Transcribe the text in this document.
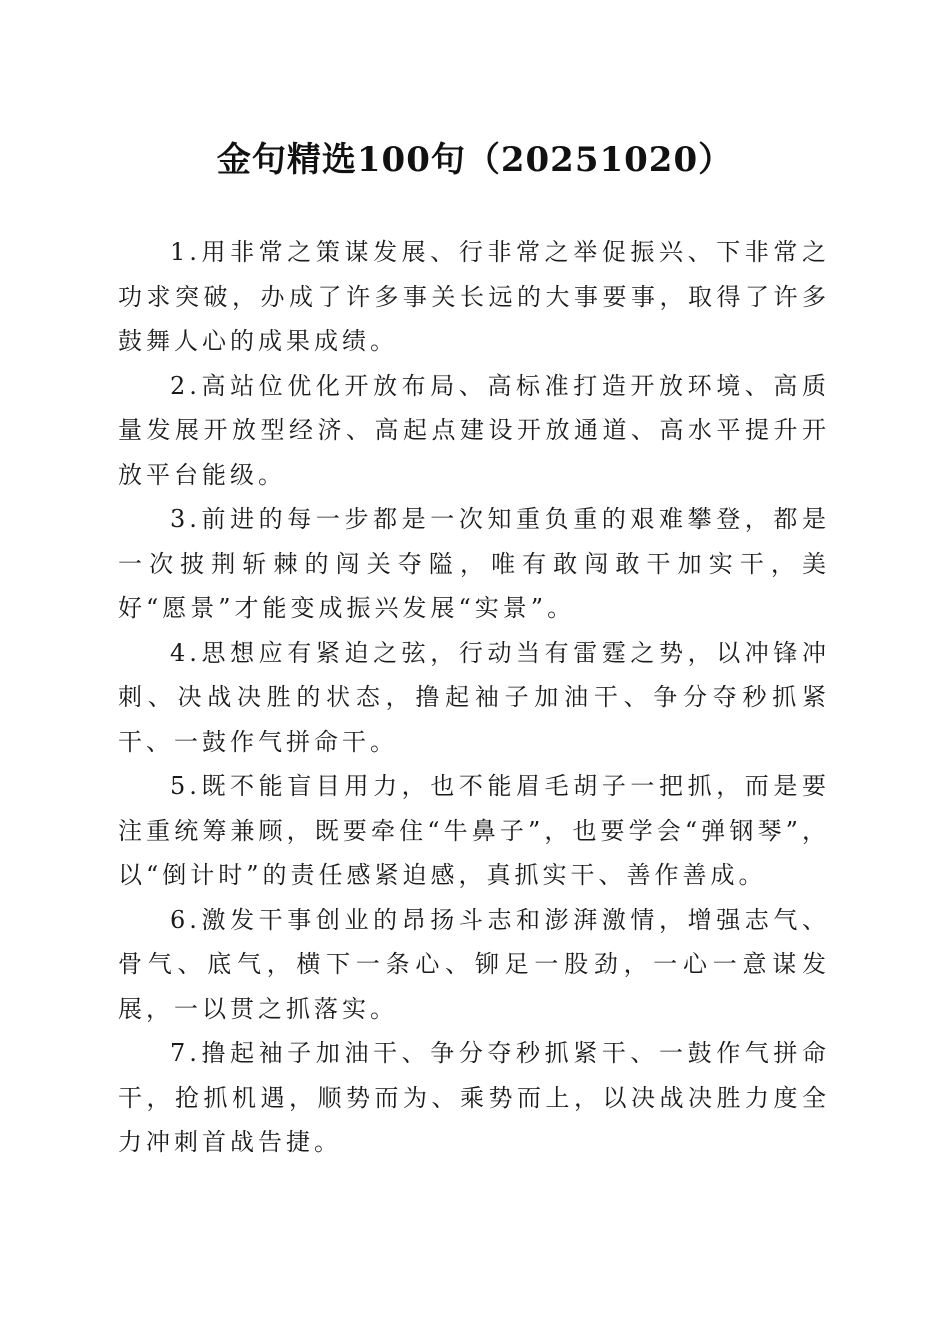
金句精选100句（20251020）

1.用非常之策谋发展、行非常之举促振兴、下非常之功求突破，办成了许多事关长远的大事要事，取得了许多鼓舞人心的成果成绩。

2.高站位优化开放布局、高标准打造开放环境、高质量发展开放型经济、高起点建设开放通道、高水平提升开放平台能级。

3.前进的每一步都是一次知重负重的艰难攀登，都是一次披荆斩棘的闯关夺隘，唯有敢闯敢干加实干，美好“愿景”才能变成振兴发展“实景”。

4.思想应有紧迫之弦，行动当有雷霆之势，以冲锋冲刺、决战决胜的状态，撸起袖子加油干、争分夺秒抓紧干、一鼓作气拼命干。

5.既不能盲目用力，也不能眉毛胡子一把抓，而是要注重统筹兼顾，既要牵住“牛鼻子”，也要学会“弹钢琴”，以“倒计时”的责任感紧迫感，真抓实干、善作善成。

6.激发干事创业的昂扬斗志和澎湃激情，增强志气、骨气、底气，横下一条心、铆足一股劲，一心一意谋发展，一以贯之抓落实。

7.撸起袖子加油干、争分夺秒抓紧干、一鼓作气拼命干，抢抓机遇，顺势而为、乘势而上，以决战决胜力度全力冲刺首战告捷。
